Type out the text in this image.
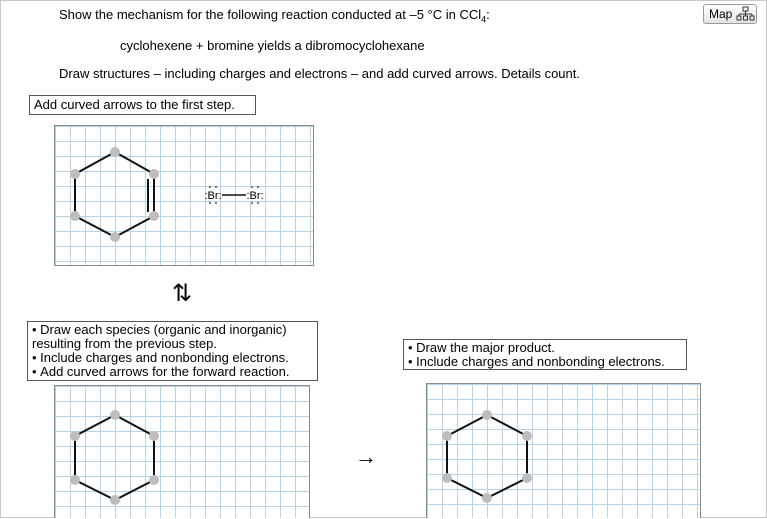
Show the mechanism for the following reaction conducted at –5 °C in CCl$_4$:
cyclohexene + bromine yields a dibromocyclohexane
Draw structures – including charges and electrons – and add curved arrows. Details count.
Map
Add curved arrows to the first step.
:Br: :Br:
⇅
• Draw each species (organic and inorganic) resulting from the previous step.
• Include charges and nonbonding electrons.
• Add curved arrows for the forward reaction.
→
• Draw the major product.
• Include charges and nonbonding electrons.
